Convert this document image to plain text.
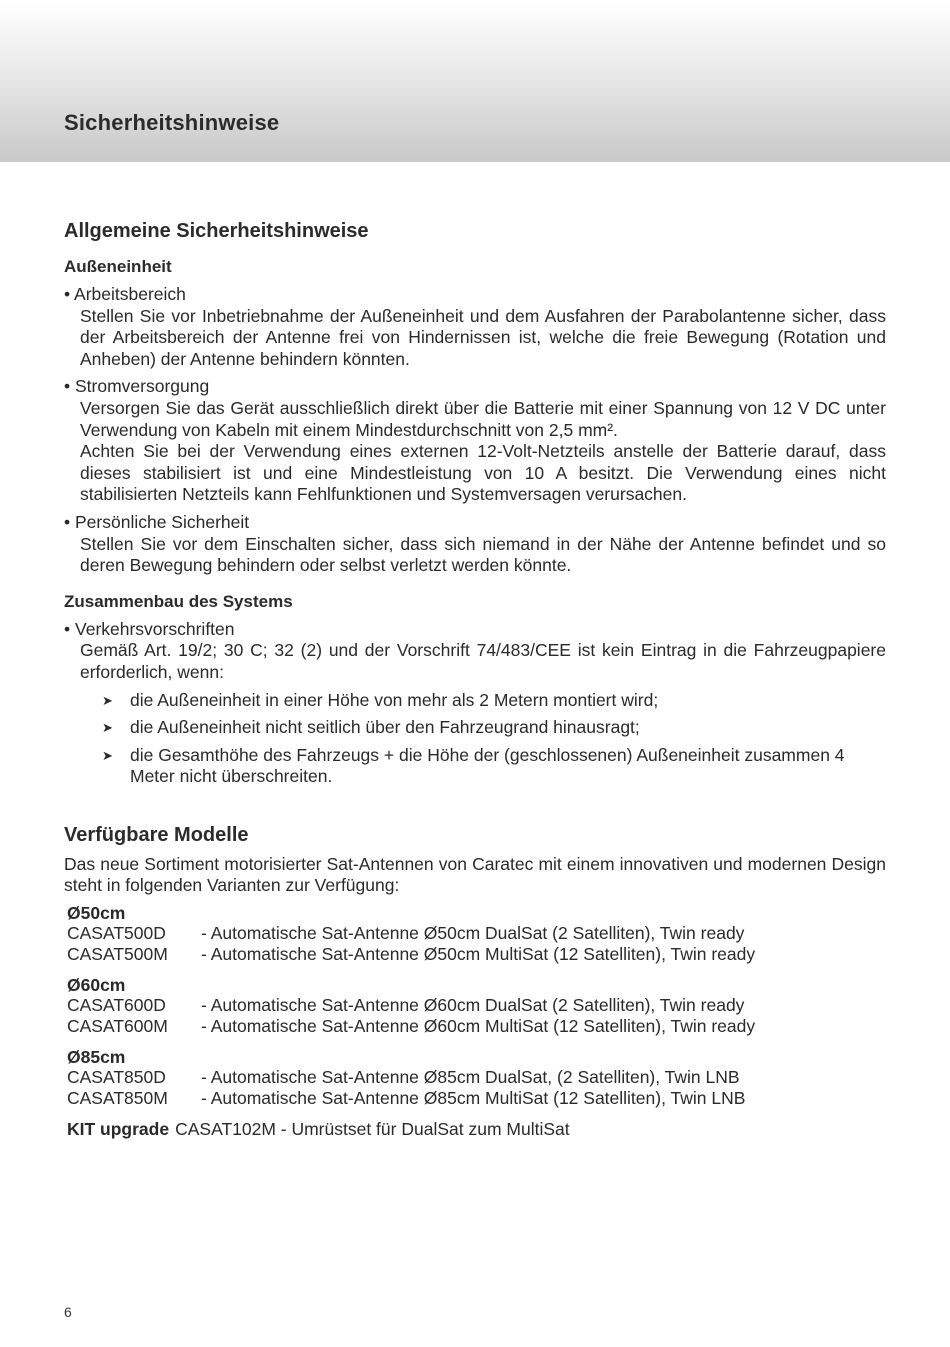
Sicherheitshinweise
Allgemeine Sicherheitshinweise
Außeneinheit
• Arbeitsbereich

Stellen Sie vor Inbetriebnahme der Außeneinheit und dem Ausfahren der Parabolantenne sicher, dass der Arbeitsbereich der Antenne frei von Hindernissen ist, welche die freie Bewegung (Rotation und Anheben) der Antenne behindern könnten.

• Stromversorgung

Versorgen Sie das Gerät ausschließlich direkt über die Batterie mit einer Spannung von 12 V DC unter Verwendung von Kabeln mit einem Mindestdurchschnitt von 2,5 mm².

Achten Sie bei der Verwendung eines externen 12-Volt-Netzteils anstelle der Batterie darauf, dass dieses stabilisiert ist und eine Mindestleistung von 10 A besitzt. Die Verwendung eines nicht stabilisierten Netzteils kann Fehlfunktionen und Systemversagen verursachen.

• Persönliche Sicherheit

Stellen Sie vor dem Einschalten sicher, dass sich niemand in der Nähe der Antenne befindet und so deren Bewegung behindern oder selbst verletzt werden könnte.

Zusammenbau des Systems
• Verkehrsvorschriften

Gemäß Art. 19/2; 30 C; 32 (2) und der Vorschrift 74/483/CEE ist kein Eintrag in die Fahrzeugpapiere erforderlich, wenn:

➤ die Außeneinheit in einer Höhe von mehr als 2 Metern montiert wird;
➤ die Außeneinheit nicht seitlich über den Fahrzeugrand hinausragt;
➤ die Gesamthöhe des Fahrzeugs + die Höhe der (geschlossenen) Außeneinheit zusammen 4 Meter nicht überschreiten.
Verfügbare Modelle
Das neue Sortiment motorisierter Sat-Antennen von Caratec mit einem innovativen und modernen Design steht in folgenden Varianten zur Verfügung:
Ø50cm
CASAT500D - Automatische Sat-Antenne Ø50cm DualSat (2 Satelliten), Twin ready
CASAT500M - Automatische Sat-Antenne Ø50cm MultiSat (12 Satelliten), Twin ready
Ø60cm
CASAT600D - Automatische Sat-Antenne Ø60cm DualSat (2 Satelliten), Twin ready
CASAT600M - Automatische Sat-Antenne Ø60cm MultiSat (12 Satelliten), Twin ready
Ø85cm
CASAT850D - Automatische Sat-Antenne Ø85cm DualSat, (2 Satelliten), Twin LNB
CASAT850M - Automatische Sat-Antenne Ø85cm MultiSat (12 Satelliten), Twin LNB
KIT upgrade CASAT102M - Umrüstset für DualSat zum MultiSat
6
